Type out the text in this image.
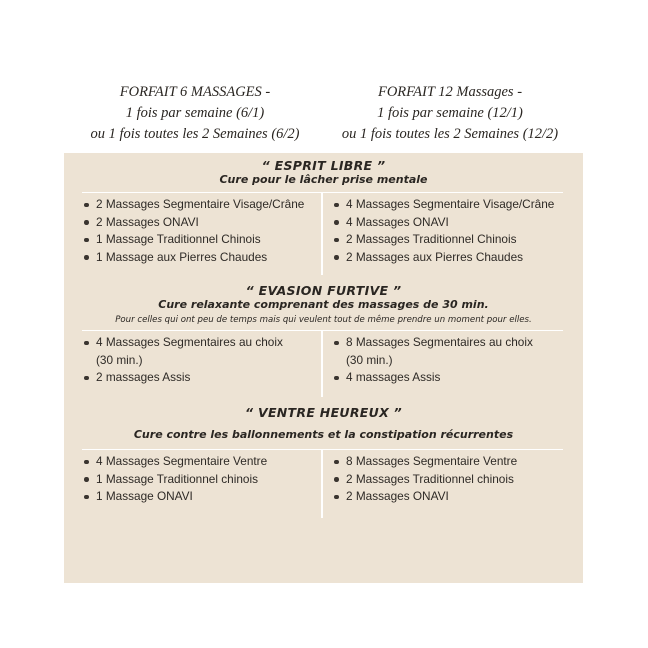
FORFAIT 6 MASSAGES -
1 fois par semaine (6/1)
ou 1 fois toutes les 2 Semaines (6/2)
FORFAIT 12 Massages -
1 fois par semaine (12/1)
ou 1 fois toutes les 2 Semaines (12/2)
“ ESPRIT LIBRE ”
Cure pour le lâcher prise mentale
2 Massages Segmentaire Visage/Crâne
2 Massages ONAVI
1 Massage Traditionnel Chinois
1 Massage aux Pierres Chaudes
4 Massages Segmentaire Visage/Crâne
4 Massages ONAVI
2 Massages Traditionnel Chinois
2 Massages aux Pierres Chaudes
“ EVASION FURTIVE ”
Cure relaxante comprenant des massages de 30 min.
Pour celles qui ont peu de temps mais qui veulent tout de même prendre un moment pour elles.
4 Massages Segmentaires au choix
(30 min.)
2 massages Assis
8 Massages Segmentaires au choix
(30 min.)
4 massages Assis
“ VENTRE HEUREUX ”
Cure contre les ballonnements et la constipation récurrentes
4 Massages Segmentaire Ventre
1 Massage Traditionnel chinois
1 Massage ONAVI
8 Massages Segmentaire Ventre
2 Massages Traditionnel chinois
2 Massages ONAVI
